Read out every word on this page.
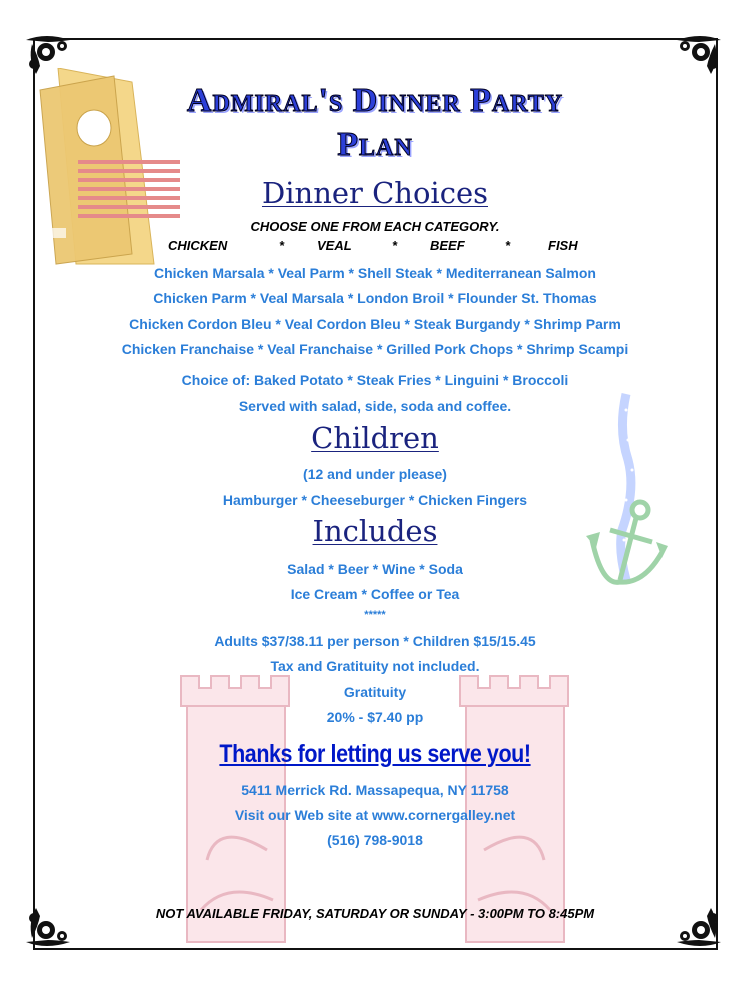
Admiral's Dinner Party
Plan
Dinner Choices
CHOOSE ONE FROM EACH CATEGORY.
CHICKEN	*	VEAL	*	BEEF	*	FISH
Chicken Marsala * Veal Parm * Shell Steak * Mediterranean Salmon
Chicken Parm * Veal Marsala * London Broil * Flounder St. Thomas
Chicken Cordon Bleu * Veal Cordon Bleu * Steak Burgandy * Shrimp Parm
Chicken Franchaise * Veal Franchaise * Grilled Pork Chops * Shrimp Scampi
Choice of: Baked Potato * Steak Fries * Linguini * Broccoli
Served with salad, side, soda and coffee.
Children
(12 and under please)
Hamburger * Cheeseburger * Chicken Fingers
Includes
Salad * Beer * Wine * Soda
Ice Cream * Coffee or Tea
*****
Adults $37/38.11 per person * Children $15/15.45
Tax and Gratituity not included.
Gratituity
20% - $7.40 pp
Thanks for letting us serve you!
5411 Merrick Rd. Massapequa, NY 11758
Visit our Web site at www.cornergalley.net
(516) 798-9018
NOT AVAILABLE FRIDAY, SATURDAY OR SUNDAY - 3:00PM TO 8:45PM
